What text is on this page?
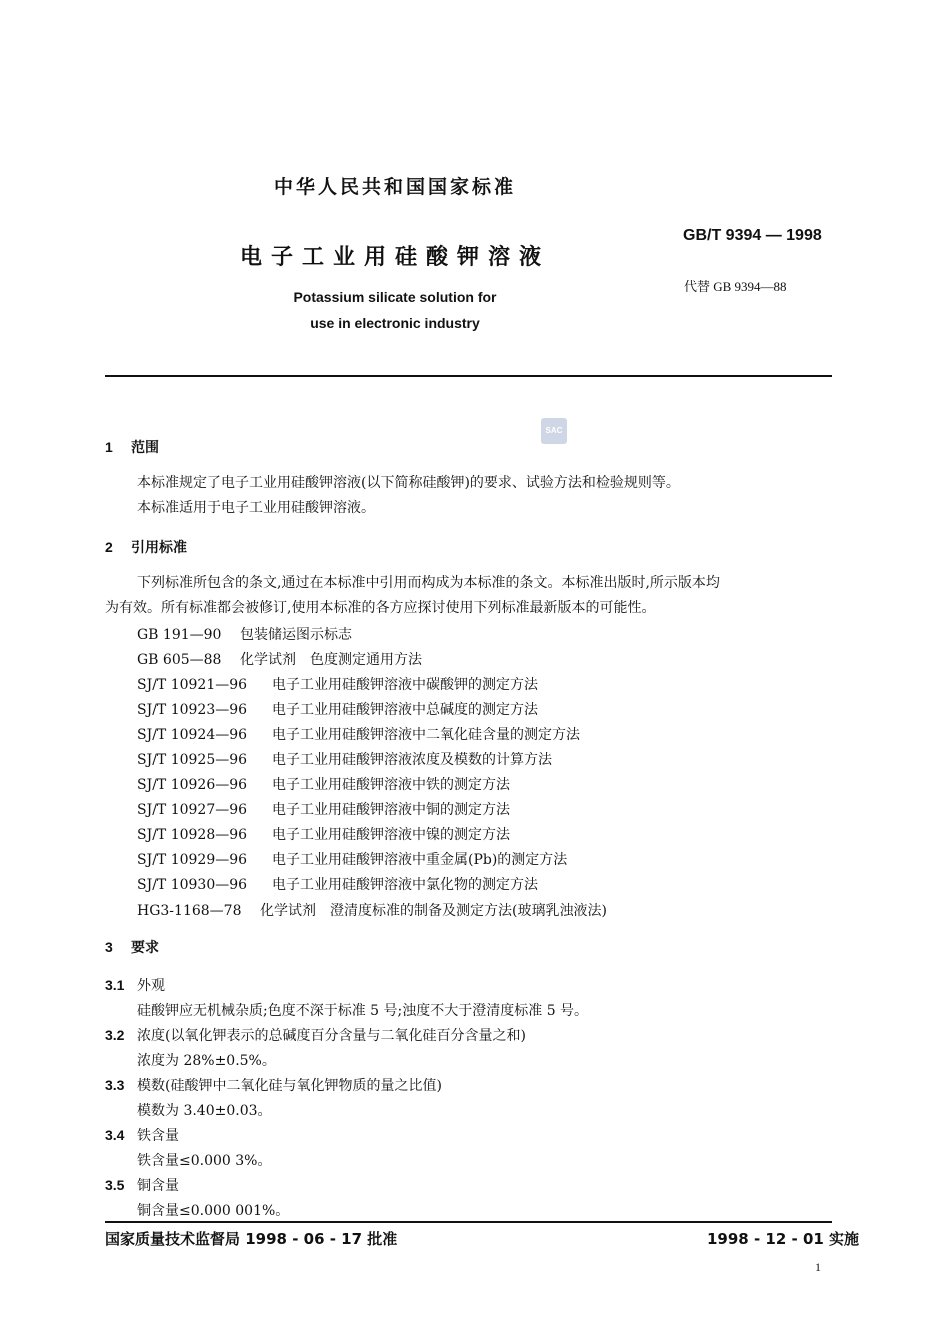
中华人民共和国国家标准
GB/T 9394 — 1998
电子工业用硅酸钾溶液
代替 GB 9394—88
Potassium silicate solution for
use in electronic industry
SAC
1 范围
本标准规定了电子工业用硅酸钾溶液(以下简称硅酸钾)的要求、试验方法和检验规则等。
本标准适用于电子工业用硅酸钾溶液。
2 引用标准
下列标准所包含的条文,通过在本标准中引用而构成为本标准的条文。本标准出版时,所示版本均
为有效。所有标准都会被修订,使用本标准的各方应探讨使用下列标准最新版本的可能性。
GB 191—90 包装储运图示标志
GB 605—88 化学试剂　色度测定通用方法
SJ/T 10921—96 电子工业用硅酸钾溶液中碳酸钾的测定方法
SJ/T 10923—96 电子工业用硅酸钾溶液中总碱度的测定方法
SJ/T 10924—96 电子工业用硅酸钾溶液中二氧化硅含量的测定方法
SJ/T 10925—96 电子工业用硅酸钾溶液浓度及模数的计算方法
SJ/T 10926—96 电子工业用硅酸钾溶液中铁的测定方法
SJ/T 10927—96 电子工业用硅酸钾溶液中铜的测定方法
SJ/T 10928—96 电子工业用硅酸钾溶液中镍的测定方法
SJ/T 10929—96 电子工业用硅酸钾溶液中重金属(Pb)的测定方法
SJ/T 10930—96 电子工业用硅酸钾溶液中氯化物的测定方法
HG3-1168—78 化学试剂　澄清度标准的制备及测定方法(玻璃乳浊液法)
3 要求
3.1 外观
硅酸钾应无机械杂质;色度不深于标准 5 号;浊度不大于澄清度标准 5 号。
3.2 浓度(以氧化钾表示的总碱度百分含量与二氧化硅百分含量之和)
浓度为 28%±0.5%。
3.3 模数(硅酸钾中二氧化硅与氧化钾物质的量之比值)
模数为 3.40±0.03。
3.4 铁含量
铁含量≤0.000 3%。
3.5 铜含量
铜含量≤0.000 001%。
国家质量技术监督局 1998 - 06 - 17 批准	1998 - 12 - 01 实施
1
